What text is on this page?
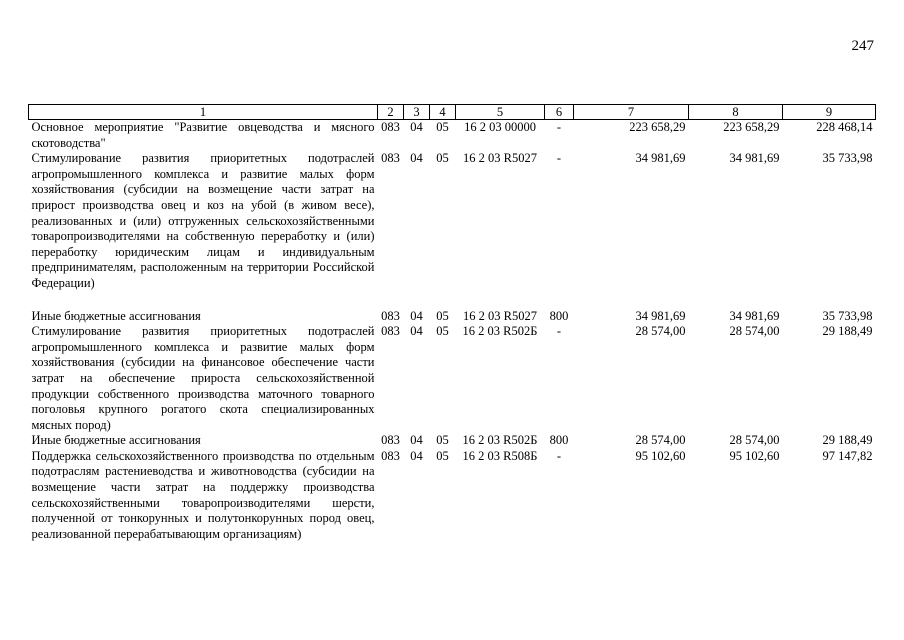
247
1	2	3	4	5	6	7	8	9
Основное мероприятие "Развитие овцеводства и мясного скотоводства"	083	04	05	16 2 03 00000	-	223 658,29	223 658,29	228 468,14
Стимулирование развития приоритетных подотраслей агропромышленного комплекса и развитие малых форм хозяйствования (субсидии на возмещение части затрат на прирост производства овец и коз на убой (в живом весе), реализованных и (или) отгруженных сельскохозяйственными товаропроизводителями на собственную переработку и (или) переработку юридическим лицам и индивидуальным предпринимателям, расположенным на территории Российской Федерации)	083	04	05	16 2 03 R5027	-	34 981,69	34 981,69	35 733,98

Иные бюджетные ассигнования	083	04	05	16 2 03 R5027	800	34 981,69	34 981,69	35 733,98
Стимулирование развития приоритетных подотраслей агропромышленного комплекса и развитие малых форм хозяйствования (субсидии на финансовое обеспечение части затрат на обеспечение прироста сельскохозяйственной продукции собственного производства маточного товарного поголовья крупного рогатого скота специализированных мясных пород)	083	04	05	16 2 03 R502Б	-	28 574,00	28 574,00	29 188,49
Иные бюджетные ассигнования	083	04	05	16 2 03 R502Б	800	28 574,00	28 574,00	29 188,49
Поддержка сельскохозяйственного производства по отдельным подотраслям растениеводства и животноводства (субсидии на возмещение части затрат на поддержку производства сельскохозяйственными товаропроизводителями шерсти, полученной от тонкорунных и полутонкорунных пород овец, реализованной перерабатывающим организациям)	083	04	05	16 2 03 R508Б	-	95 102,60	95 102,60	97 147,82
